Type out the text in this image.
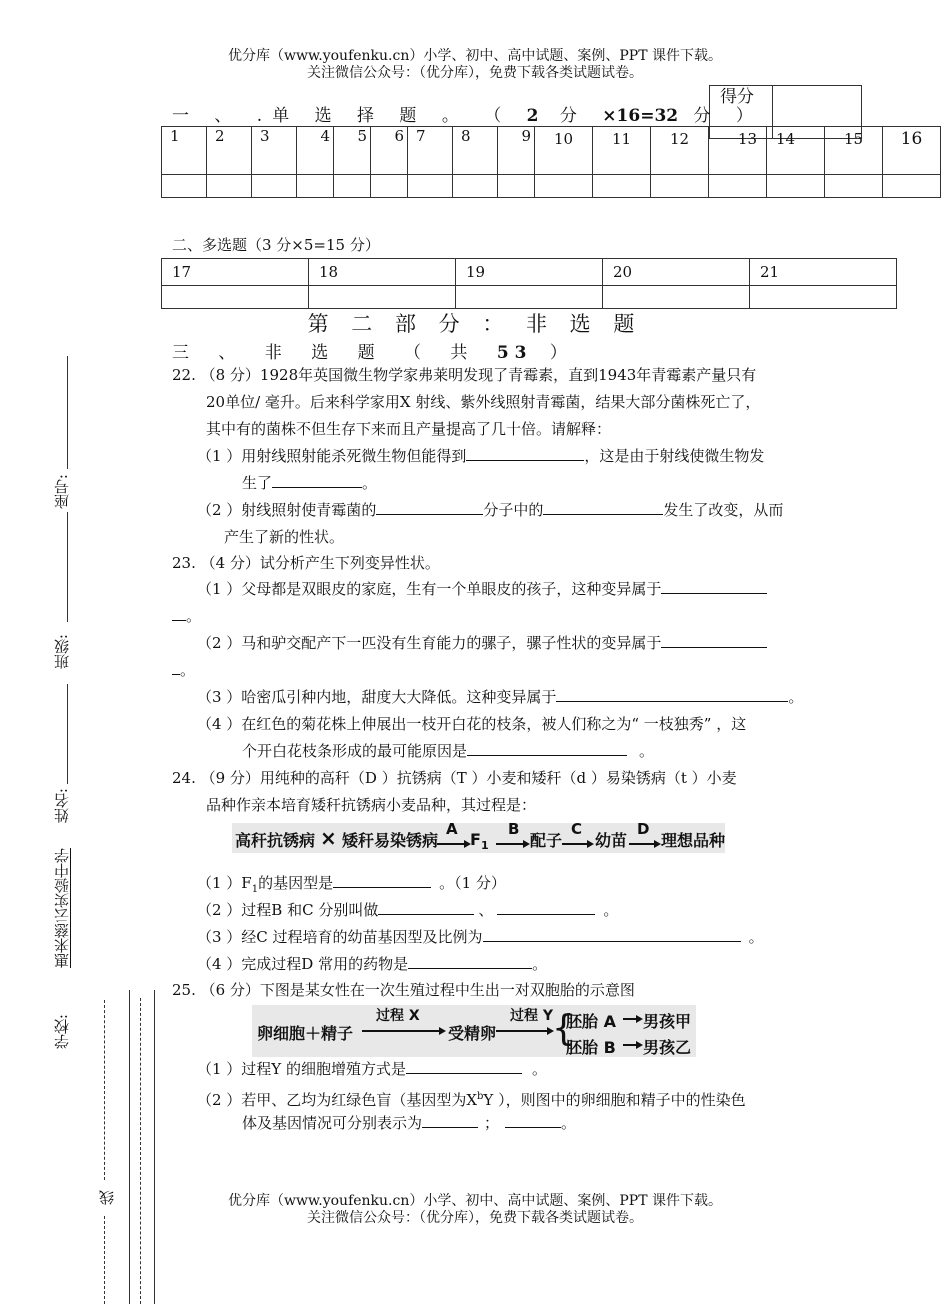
优分库（www.youfenku.cn）小学、初中、高中试题、案例、PPT 课件下载。
关注微信公众号：（优分库），免费下载各类试题试卷。
得分	
一 、 .单 选 择 题 。 （ 2 分 ×16=32 分 ）
1	2	3	4	5	6	7	8	9	10	11	12	13	14	15	16

二、多选题（3 分×5=15 分）
17	18	19	20	21

第 二 部 分 ： 非 选 题
三 、 非 选 题 （ 共 53 ）
22. （8 分）1928年英国微生物学家弗莱明发现了青霉素，直到1943年青霉素产量只有
20单位/ 毫升。后来科学家用X 射线、紫外线照射青霉菌，结果大部分菌株死亡了，
其中有的菌株不但生存下来而且产量提高了几十倍。请解释：
（1 ）用射线照射能杀死微生物但能得到	，这是由于射线使微生物发
生了	。
（2 ）射线照射使青霉菌的	分子中的	发生了改变，从而
产生了新的性状。
23. （4 分）试分析产生下列变异性状。
（1 ）父母都是双眼皮的家庭，生有一个单眼皮的孩子，这种变异属于
。
（2 ）马和驴交配产下一匹没有生育能力的骡子，骡子性状的变异属于
。
（3 ）哈密瓜引种内地，甜度大大降低。这种变异属于	。
（4 ）在红色的菊花株上伸展出一枝开白花的枝条，被人们称之为“ 一枝独秀” ，这
个开白花枝条形成的最可能原因是	。
24. （9 分）用纯种的高秆（D ）抗锈病（T ）小麦和矮秆（d ）易染锈病（t ）小麦
品种作亲本培育矮秆抗锈病小麦品种，其过程是：
高秆抗锈病 × 矮秆易染锈病
A
$F_1$
B
配子
C
幼苗
D
理想品种
（1 ）$F_1$的基因型是	。（1 分）
（2 ）过程B 和C 分别叫做	、	。
（3 ）经C 过程培育的幼苗基因型及比例为	。
（4 ）完成过程D 常用的药物是	。
25. （6 分）下图是某女性在一次生殖过程中生出一对双胞胎的示意图
卵细胞＋精子
过程 X
受精卵
过程 Y
{
胚胎 A 男孩甲
胚胎 B 男孩乙
（1 ）过程Y 的细胞增殖方式是	。
（2 ）若甲、乙均为红绿色盲（基因型为$X^bY$ ），则图中的卵细胞和精子中的性染色
体及基因情况可分别表示为	；	。
优分库（www.youfenku.cn）小学、初中、高中试题、案例、PPT 课件下载。
关注微信公众号：（优分库），免费下载各类试题试卷。
座号:
班级:
姓名:
惠来慈云实验中学
学校:
线
